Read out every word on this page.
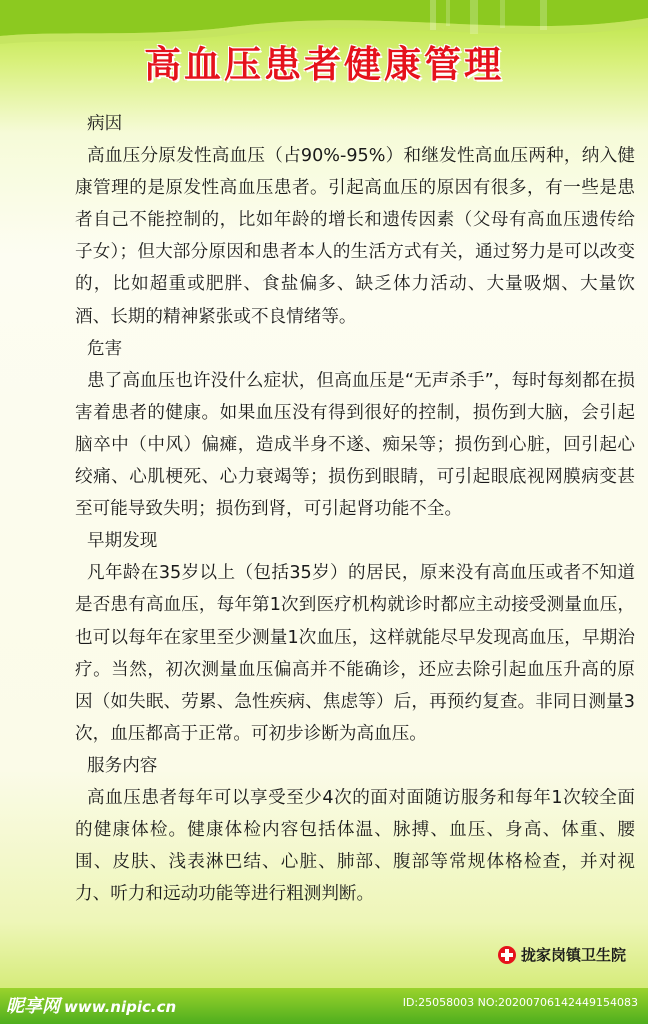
高血压患者健康管理
病因
高血压分原发性高血压（占90%-95%）和继发性高血压两种，纳入健康管理的是原发性高血压患者。引起高血压的原因有很多，有一些是患者自己不能控制的，比如年龄的增长和遗传因素（父母有高血压遗传给子女）；但大部分原因和患者本人的生活方式有关，通过努力是可以改变的，比如超重或肥胖、食盐偏多、缺乏体力活动、大量吸烟、大量饮酒、长期的精神紧张或不良情绪等。
危害
患了高血压也许没什么症状，但高血压是“无声杀手”，每时每刻都在损害着患者的健康。如果血压没有得到很好的控制，损伤到大脑，会引起脑卒中（中风）偏瘫，造成半身不遂、痴呆等；损伤到心脏，回引起心绞痛、心肌梗死、心力衰竭等；损伤到眼睛，可引起眼底视网膜病变甚至可能导致失明；损伤到肾，可引起肾功能不全。
早期发现
凡年龄在35岁以上（包括35岁）的居民，原来没有高血压或者不知道是否患有高血压，每年第1次到医疗机构就诊时都应主动接受测量血压，也可以每年在家里至少测量1次血压，这样就能尽早发现高血压，早期治疗。当然，初次测量血压偏高并不能确诊，还应去除引起血压升高的原因（如失眠、劳累、急性疾病、焦虑等）后，再预约复查。非同日测量3次，血压都高于正常。可初步诊断为高血压。
服务内容
高血压患者每年可以享受至少4次的面对面随访服务和每年1次较全面的健康体检。健康体检内容包括体温、脉搏、血压、身高、体重、腰围、皮肤、浅表淋巴结、心脏、肺部、腹部等常规体格检查，并对视力、听力和远动功能等进行粗测判断。
拢家岗镇卫生院
昵享网 www.nipic.cn	ID:25058003 NO:20200706142449154083
